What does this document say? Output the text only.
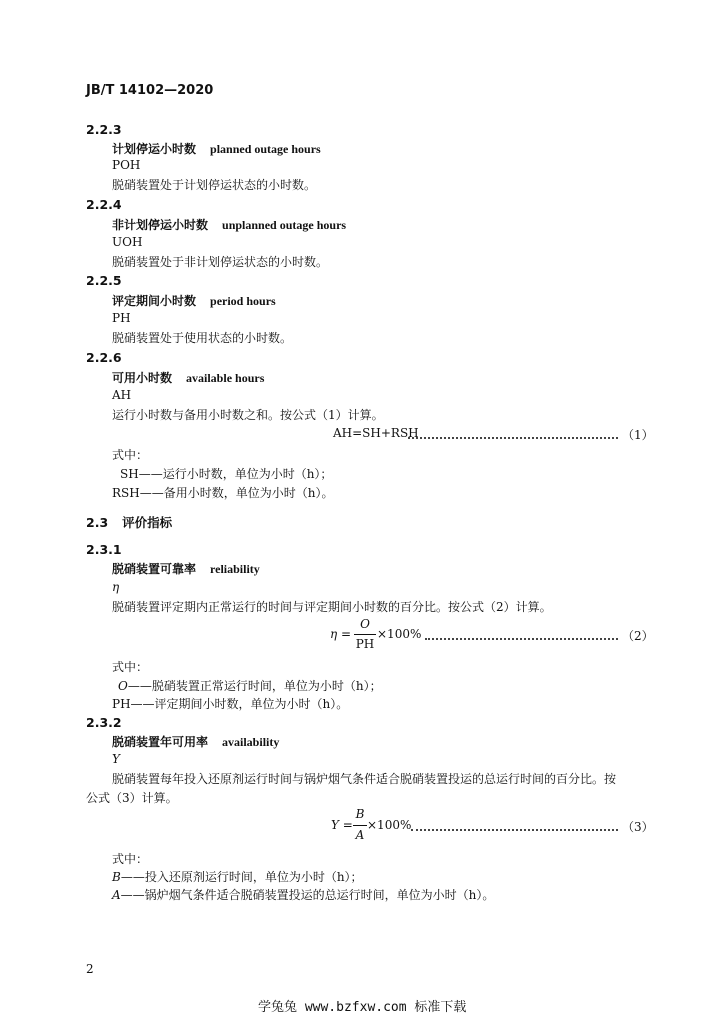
JB/T 14102—2020
2.2.3
计划停运小时数 planned outage hours
POH
脱硝装置处于计划停运状态的小时数。
2.2.4
非计划停运小时数 unplanned outage hours
UOH
脱硝装置处于非计划停运状态的小时数。
2.2.5
评定期间小时数 period hours
PH
脱硝装置处于使用状态的小时数。
2.2.6
可用小时数 available hours
AH
运行小时数与备用小时数之和。按公式（1）计算。
AH=SH+RSH	（1）
式中：
SH——运行小时数，单位为小时（h）；
RSH——备用小时数，单位为小时（h）。
2.3 评价指标
2.3.1
脱硝装置可靠率 reliability
η
脱硝装置评定期内正常运行的时间与评定期间小时数的百分比。按公式（2）计算。
η =
O
PH
×100%	（2）
式中：
O——脱硝装置正常运行时间，单位为小时（h）；
PH——评定期间小时数，单位为小时（h）。
2.3.2
脱硝装置年可用率 availability
Y
脱硝装置每年投入还原剂运行时间与锅炉烟气条件适合脱硝装置投运的总运行时间的百分比。按
公式（3）计算。
Y =
B
A
×100%	（3）
式中：
B——投入还原剂运行时间，单位为小时（h）；
A——锅炉烟气条件适合脱硝装置投运的总运行时间，单位为小时（h）。
2
学兔兔 www.bzfxw.com 标准下载
